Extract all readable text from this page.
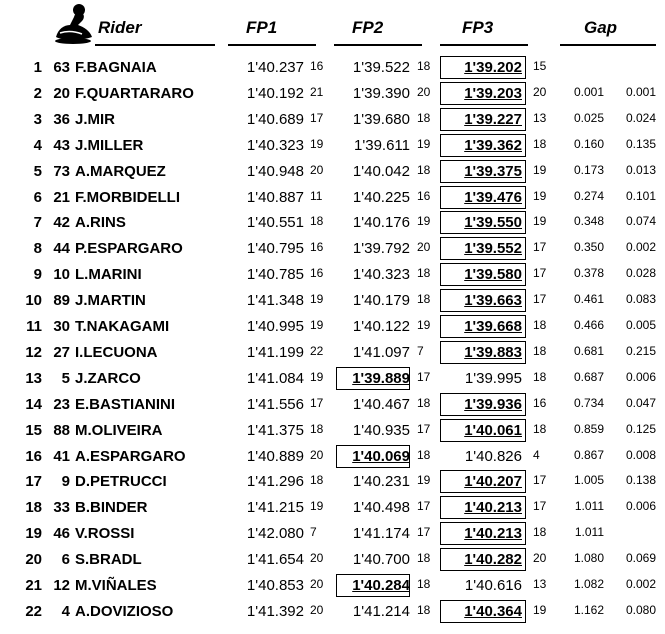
Rider	FP1	FP2	FP3	Gap
1 63 F.BAGNAIA	1'40.237 16	1'39.522 18	1'39.202 15
2 20 F.QUARTARARO	1'40.192 21	1'39.390 20	1'39.203 20	0.001	0.001
3 36 J.MIR	1'40.689 17	1'39.680 18	1'39.227 13	0.025	0.024
4 43 J.MILLER	1'40.323 19	1'39.611 19	1'39.362 18	0.160	0.135
5 73 A.MARQUEZ	1'40.948 20	1'40.042 18	1'39.375 19	0.173	0.013
6 21 F.MORBIDELLI	1'40.887 11	1'40.225 16	1'39.476 19	0.274	0.101
7 42 A.RINS	1'40.551 18	1'40.176 19	1'39.550 19	0.348	0.074
8 44 P.ESPARGARO	1'40.795 16	1'39.792 20	1'39.552 17	0.350	0.002
9 10 L.MARINI	1'40.785 16	1'40.323 18	1'39.580 17	0.378	0.028
10 89 J.MARTIN	1'41.348 19	1'40.179 18	1'39.663 17	0.461	0.083
11 30 T.NAKAGAMI	1'40.995 19	1'40.122 19	1'39.668 18	0.466	0.005
12 27 I.LECUONA	1'41.199 22	1'41.097 7	1'39.883 18	0.681	0.215
13	5 J.ZARCO	1'41.084 19	1'39.889 17	1'39.995 18	0.687	0.006
14 23 E.BASTIANINI	1'41.556 17	1'40.467 18	1'39.936 16	0.734	0.047
15 88 M.OLIVEIRA	1'41.375 18	1'40.935 17	1'40.061 18	0.859	0.125
16 41 A.ESPARGARO	1'40.889 20	1'40.069 18	1'40.826 4	0.867	0.008
17	9 D.PETRUCCI	1'41.296 18	1'40.231 19	1'40.207 17	1.005	0.138
18 33 B.BINDER	1'41.215 19	1'40.498 17	1'40.213 17	1.011	0.006
19 46 V.ROSSI	1'42.080 7	1'41.174 17	1'40.213 18	1.011
20	6 S.BRADL	1'41.654 20	1'40.700 18	1'40.282 20	1.080	0.069
21 12 M.VIÑALES	1'40.853 20	1'40.284 18	1'40.616 13	1.082	0.002
22	4 A.DOVIZIOSO	1'41.392 20	1'41.214 18	1'40.364 19	1.162	0.080
